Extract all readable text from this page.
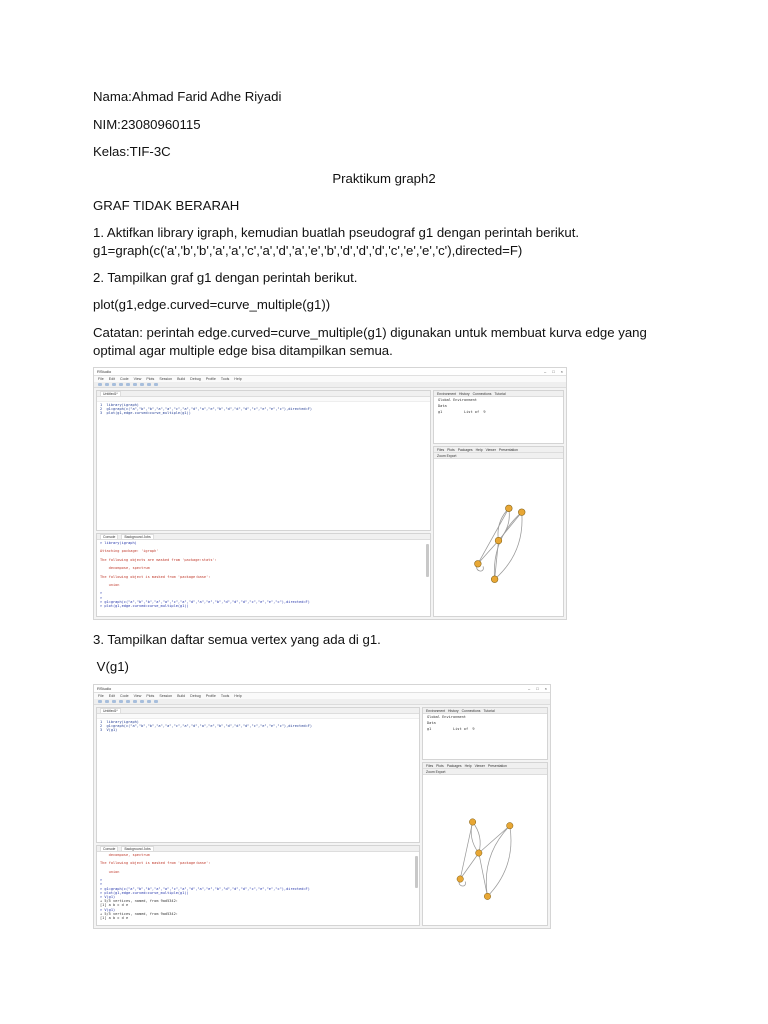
Nama:Ahmad Farid Adhe Riyadi
NIM:23080960115
Kelas:TIF-3C
Praktikum graph2
GRAF TIDAK BERARAH
1. Aktifkan library igraph, kemudian buatlah pseudograf g1 dengan perintah berikut.
g1=graph(c('a','b','b','a','a','c','a','d','a','e','b','d','d','d','c','e','e','c'),directed=F)
2. Tampilkan graf g1 dengan perintah berikut.
plot(g1,edge.curved=curve_multiple(g1))
Catatan: perintah edge.curved=curve_multiple(g1) digunakan untuk membuat kurva edge yang optimal agar multiple edge bisa ditampilkan semua.
RStudio	– □ ×
File Edit Code View Plots Session Build Debug Profile Tools Help
Untitled1*
1  library(igraph)
2  g1=graph(c("a","b","b","a","a","c","a","d","a","e","b","d","d","d","c","e","e","c"),directed=F)
3  plot(g1,edge.curved=curve_multiple(g1))
Console	Background Jobs
> library(igraph)

Attaching package: 'igraph'

The following objects are masked from 'package:stats':

decompose, spectrum

The following object is masked from 'package:base':

union

>
>
> g1=graph(c("a","b","b","a","a","c","a","d","a","e","b","d","d","d","c","e","e","c"),directed=F)
> plot(g1,edge.curved=curve_multiple(g1))
Environment History Connections Tutorial
Global Environment
Data
g1          List of  9
Files Plots Packages Help Viewer Presentation
Zoom Export
3. Tampilkan daftar semua vertex yang ada di g1.
V(g1)
RStudio	– □ ×
File Edit Code View Plots Session Build Debug Profile Tools Help
Untitled1*
1  library(igraph)
2  g1=graph(c("a","b","b","a","a","c","a","d","a","e","b","d","d","d","c","e","e","c"),directed=F)
3  V(g1)
Console	Background Jobs
decompose, spectrum

The following object is masked from 'package:base':

union

>
>
> g1=graph(c("a","b","b","a","a","c","a","d","a","e","b","d","d","d","c","e","e","c"),directed=F)
> plot(g1,edge.curved=curve_multiple(g1))
> V(g1)
+ 5/5 vertices, named, from 9ad5342:
[1] a b c d e
> V(g1)
+ 5/5 vertices, named, from 9ad5342:
[1] a b c d e
Environment History Connections Tutorial
Global Environment
Data
g1          List of  9
Files Plots Packages Help Viewer Presentation
Zoom Export
